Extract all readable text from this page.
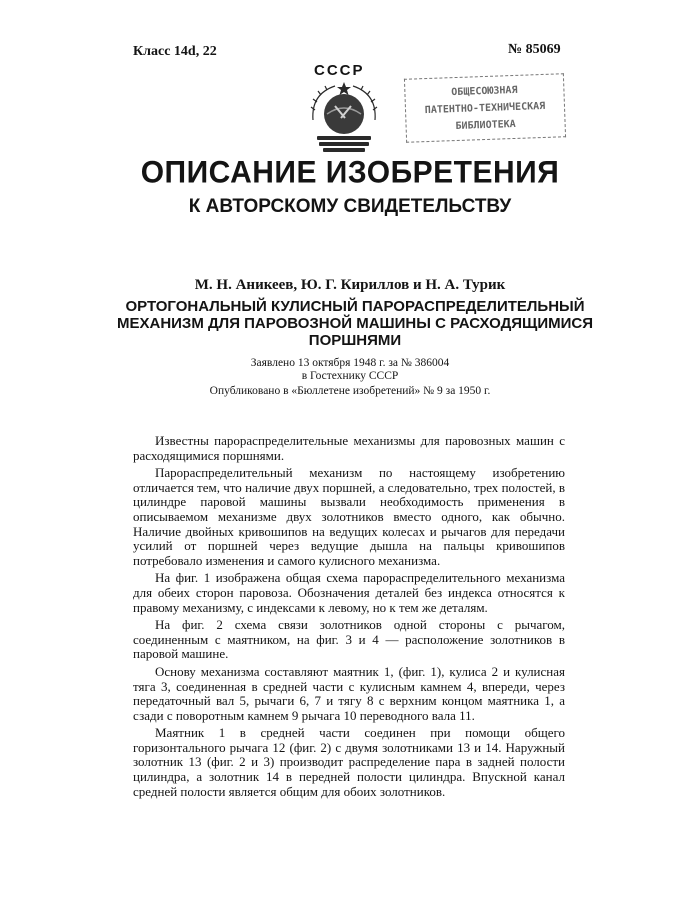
Класс 14d, 22	№ 85069
СССР
ОБЩЕСОЮЗНАЯ
ПАТЕНТНО-ТЕХНИЧЕСКАЯ
БИБЛИОТЕКА
ОПИСАНИЕ ИЗОБРЕТЕНИЯ
К АВТОРСКОМУ СВИДЕТЕЛЬСТВУ
М. Н. Аникеев, Ю. Г. Кириллов и Н. А. Турик
ОРТОГОНАЛЬНЫЙ КУЛИСНЫЙ ПАРОРАСПРЕДЕЛИТЕЛЬНЫЙ МЕХАНИЗМ ДЛЯ ПАРОВОЗНОЙ МАШИНЫ С РАСХОДЯЩИМИСЯ ПОРШНЯМИ
Заявлено 13 октября 1948 г. за № 386004
в Гостехнику СССР
Опубликовано в «Бюллетене изобретений» № 9 за 1950 г.

Известны парораспределительные механизмы для паровозных машин с расходящимися поршнями.

Парораспределительный механизм по настоящему изобретению отличается тем, что наличие двух поршней, а следовательно, трех полостей, в цилиндре паровой машины вызвали необходимость применения в описываемом механизме двух золотников вместо одного, как обычно. Наличие двойных кривошипов на ведущих колесах и рычагов для передачи усилий от поршней через ведущие дышла на пальцы кривошипов потребовало изменения и самого кулисного механизма.

На фиг. 1 изображена общая схема парораспределительного механизма для обеих сторон паровоза. Обозначения деталей без индекса относятся к правому механизму, с индексами к левому, но к тем же деталям.

На фиг. 2 схема связи золотников одной стороны с рычагом, соединенным с маятником, на фиг. 3 и 4 — расположение золотников в паровой машине.

Основу механизма составляют маятник 1, (фиг. 1), кулиса 2 и кулисная тяга 3, соединенная в средней части с кулисным камнем 4, впереди, через передаточный вал 5, рычаги 6, 7 и тягу 8 с верхним концом маятника 1, а сзади с поворотным камнем 9 рычага 10 переводного вала 11.

Маятник 1 в средней части соединен при помощи общего горизонтального рычага 12 (фиг. 2) с двумя золотниками 13 и 14. Наружный золотник 13 (фиг. 2 и 3) производит распределение пара в задней полости цилиндра, а золотник 14 в передней полости цилиндра. Впускной канал средней полости является общим для обоих золотников.
